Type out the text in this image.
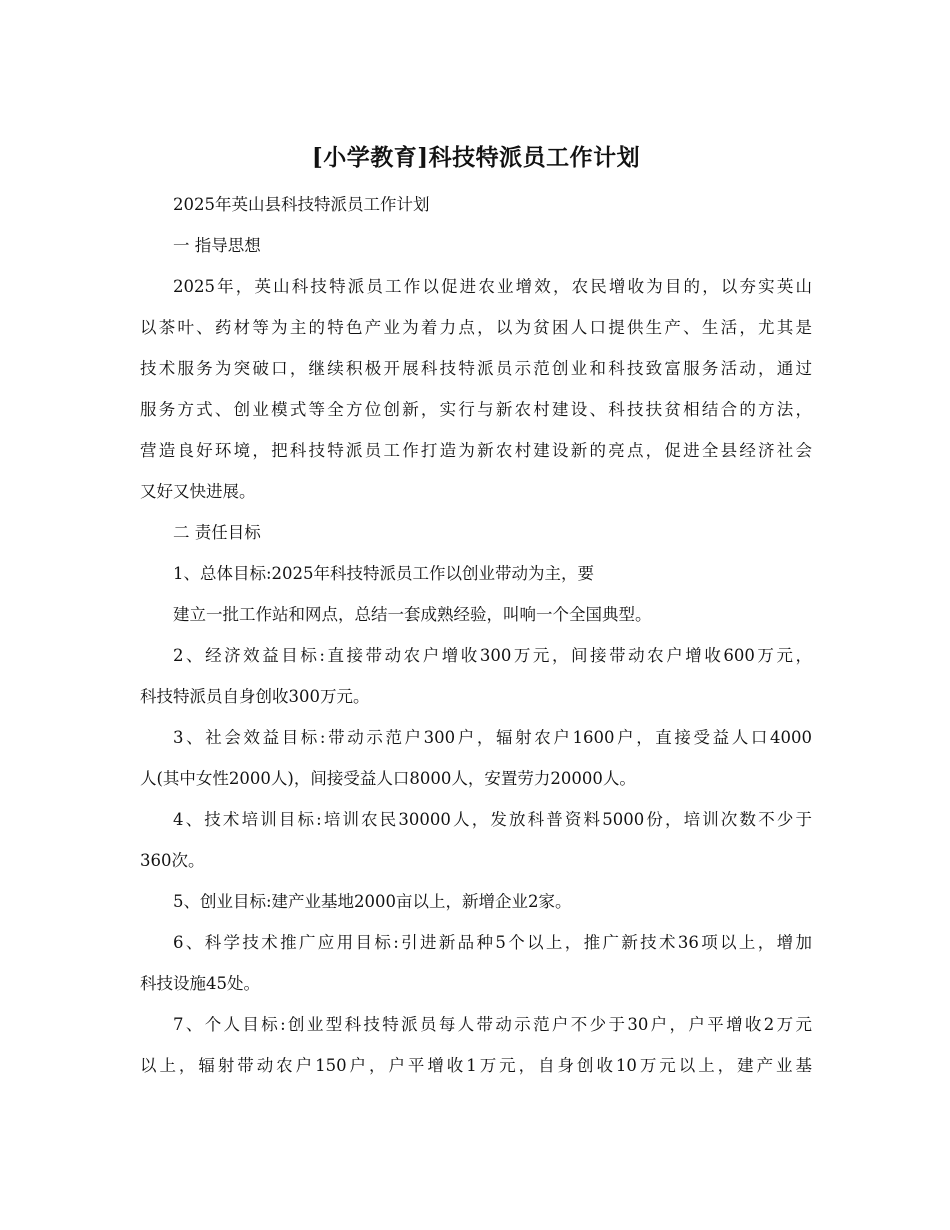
[小学教育]科技特派员工作计划

2025年英山县科技特派员工作计划

一 指导思想

2025年，英山科技特派员工作以促进农业增效，农民增收为目的，以夯实英山
以茶叶、药材等为主的特色产业为着力点，以为贫困人口提供生产、生活，尤其是
技术服务为突破口，继续积极开展科技特派员示范创业和科技致富服务活动，通过
服务方式、创业模式等全方位创新，实行与新农村建设、科技扶贫相结合的方法，
营造良好环境，把科技特派员工作打造为新农村建设新的亮点，促进全县经济社会
又好又快进展。

二 责任目标

1、总体目标:2025年科技特派员工作以创业带动为主，要

建立一批工作站和网点，总结一套成熟经验，叫响一个全国典型。

2、经济效益目标:直接带动农户增收300万元，间接带动农户增收600万元，
科技特派员自身创收300万元。
3、社会效益目标:带动示范户300户，辐射农户1600户，直接受益人口4000
人(其中女性2000人)，间接受益人口8000人，安置劳力20000人。
4、技术培训目标:培训农民30000人，发放科普资料5000份，培训次数不少于
360次。

5、创业目标:建产业基地2000亩以上，新增企业2家。

6、科学技术推广应用目标:引进新品种5个以上，推广新技术36项以上，增加
科技设施45处。
7、个人目标:创业型科技特派员每人带动示范户不少于30户，户平增收2万元
以上，辐射带动农户150户，户平增收1万元，自身创收10万元以上，建产业基
